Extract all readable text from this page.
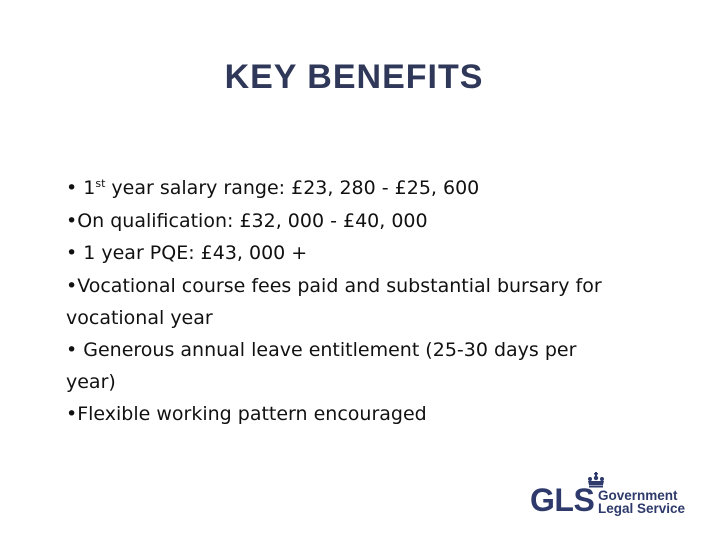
KEY BENEFITS
• 1st year salary range: £23, 280 - £25, 600
•On qualification: £32, 000 - £40, 000
• 1 year PQE: £43, 000 +
•Vocational course fees paid and substantial bursary for vocational year
• Generous annual leave entitlement (25-30 days per year)
•Flexible working pattern encouraged
GLS Government
Legal Service
